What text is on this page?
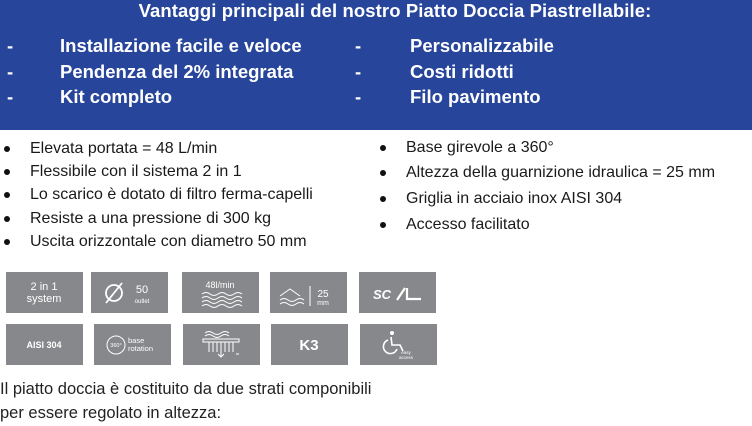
Vantaggi principali del nostro Piatto Doccia Piastrellabile:
-	Installazione facile e veloce
-	Pendenza del 2% integrata
-	Kit completo
-	Personalizzabile
-	Costi ridotti
-	Filo pavimento
Elevata portata = 48 L/min
Flessibile con il sistema 2 in 1
Lo scarico è dotato di filtro ferma-capelli
Resiste a una pressione di 300 kg
Uscita orizzontale con diametro 50 mm
Base girevole a 360°
Altezza della guarnizione idraulica = 25 mm
Griglia in acciaio inox AISI 304
Accesso facilitato
2 in 1
system
50
outlet
48l/min
25
mm
SC
AISI 304	360°
base
rotation	K3	easy
access
Il piatto doccia è costituito da due strati componibili
per essere regolato in altezza:
